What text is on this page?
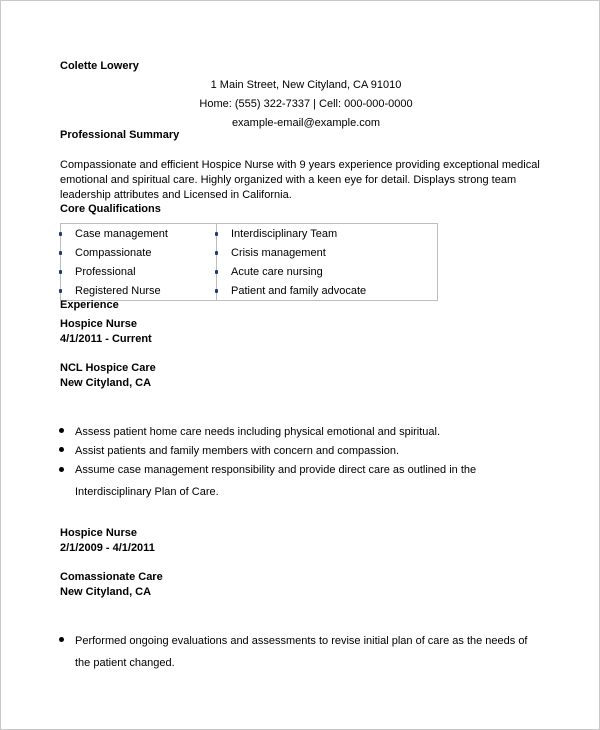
Colette Lowery
1 Main Street, New Cityland, CA 91010
Home: (555) 322-7337 | Cell: 000-000-0000
example-email@example.com
Professional Summary
Compassionate and efficient Hospice Nurse with 9 years experience providing exceptional medical emotional and spiritual care. Highly organized with a keen eye for detail. Displays strong team leadership attributes and Licensed in California.
Core Qualifications
Case management
Compassionate
Professional
Registered Nurse
Interdisciplinary Team
Crisis management
Acute care nursing
Patient and family advocate
Experience
Hospice Nurse
4/1/2011 - Current
NCL Hospice Care
New Cityland, CA
Assess patient home care needs including physical emotional and spiritual.
Assist patients and family members with concern and compassion.
Assume case management responsibility and provide direct care as outlined in the Interdisciplinary Plan of Care.
Hospice Nurse
2/1/2009 - 4/1/2011
Comassionate Care
New Cityland, CA
Performed ongoing evaluations and assessments to revise initial plan of care as the needs of the patient changed.
